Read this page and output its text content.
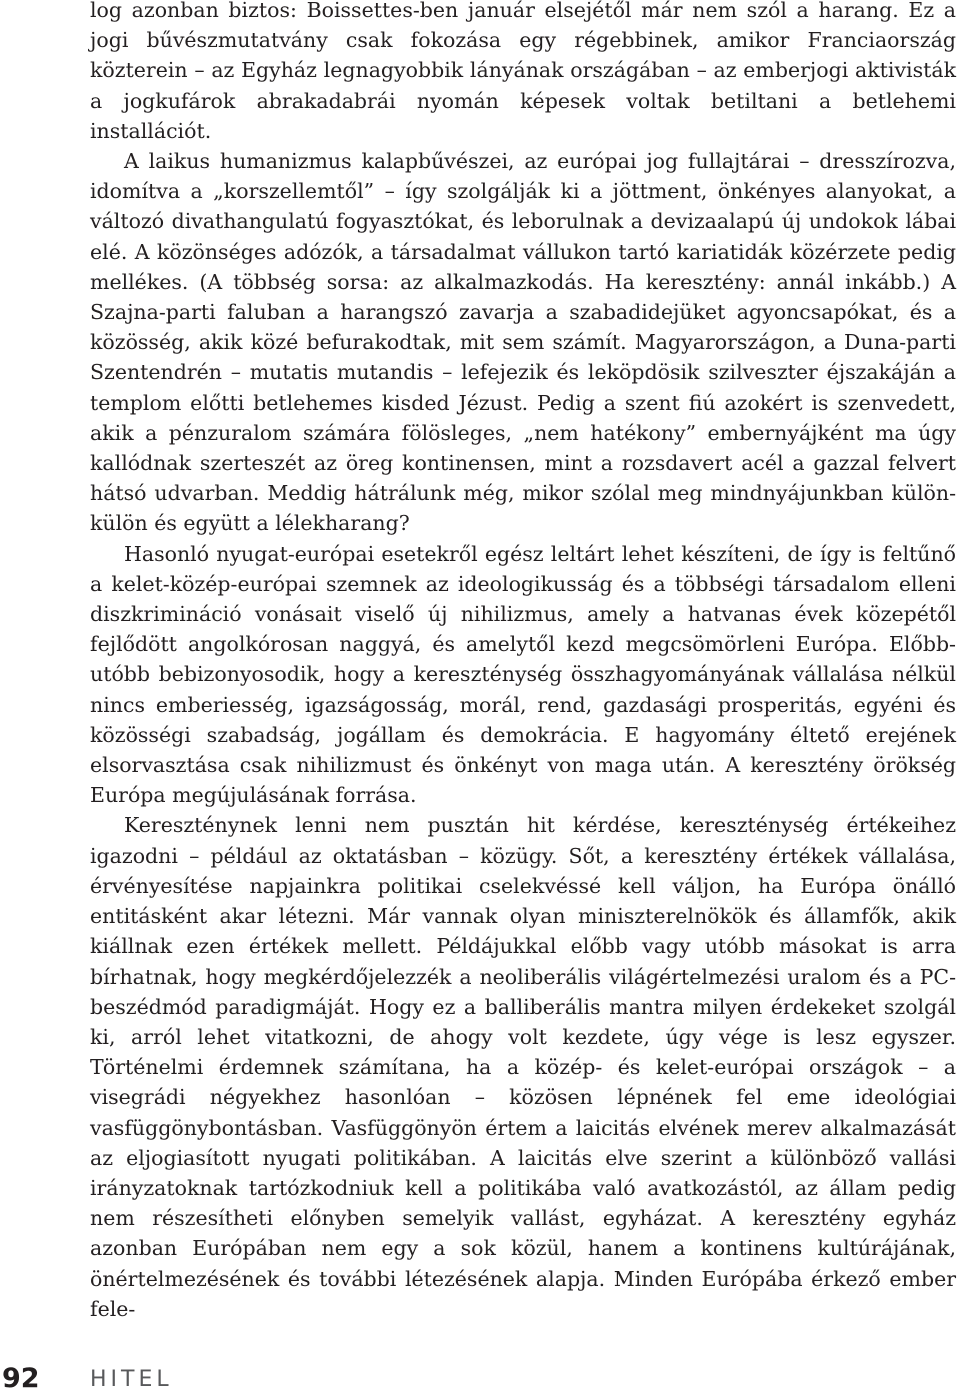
log azonban biztos: Boissettes-ben január elsejétől már nem szól a harang. Ez a jogi bűvészmutatvány csak fokozása egy régebbinek, amikor Franciaország közterein – az Egyház legnagyobbik lányának országában – az emberjogi aktivisták a jogkufárok abrakadabrái nyomán képesek voltak betiltani a betlehemi installációt.

A laikus humanizmus kalapbűvészei, az európai jog fullajtárai – dresszírozva, idomítva a „korszellemtől” – így szolgálják ki a jöttment, önkényes alanyokat, a változó divathangulatú fogyasztókat, és leborulnak a devizaalapú új undokok lábai elé. A közönséges adózók, a társadalmat vállukon tartó kariatidák közérzete pedig mellékes. (A többség sorsa: az alkalmazkodás. Ha keresztény: annál inkább.) A Szajna-parti faluban a harangszó zavarja a szabadidejüket agyoncsapókat, és a közösség, akik közé befurakodtak, mit sem számít. Magyarországon, a Duna-parti Szentendrén – mutatis mutandis – lefejezik és leköpdösik szilveszter éjszakáján a templom előtti betlehemes kisded Jézust. Pedig a szent fiú azokért is szenvedett, akik a pénzuralom számára fölösleges, „nem hatékony” embernyájként ma úgy kallódnak szerteszét az öreg kontinensen, mint a rozsdavert acél a gazzal felvert hátsó udvarban. Meddig hátrálunk még, mikor szólal meg mindnyájunkban külön-külön és együtt a lélekharang?

Hasonló nyugat-európai esetekről egész leltárt lehet készíteni, de így is feltűnő a kelet-közép-európai szemnek az ideologikusság és a többségi társadalom elleni diszkrimináció vonásait viselő új nihilizmus, amely a hatvanas évek közepétől fejlődött angolkórosan naggyá, és amelytől kezd megcsömörleni Európa. Előbb-utóbb bebizonyosodik, hogy a kereszténység összhagyományának vállalása nélkül nincs emberiesség, igazságosság, morál, rend, gazdasági prosperitás, egyéni és közösségi szabadság, jogállam és demokrácia. E hagyomány éltető erejének elsorvasztása csak nihilizmust és önkényt von maga után. A keresztény örökség Európa megújulásának forrása.

Kereszténynek lenni nem pusztán hit kérdése, kereszténység értékeihez igazodni – például az oktatásban – közügy. Sőt, a keresztény értékek vállalása, érvényesítése napjainkra politikai cselekvéssé kell váljon, ha Európa önálló entitásként akar létezni. Már vannak olyan miniszterelnökök és államfők, akik kiállnak ezen értékek mellett. Példájukkal előbb vagy utóbb másokat is arra bírhatnak, hogy megkérdőjelezzék a neoliberális világértelmezési uralom és a PC-beszédmód paradigmáját. Hogy ez a balliberális mantra milyen érdekeket szolgál ki, arról lehet vitatkozni, de ahogy volt kezdete, úgy vége is lesz egyszer. Történelmi érdemnek számítana, ha a közép- és kelet-európai országok – a visegrádi négyekhez hasonlóan – közösen lépnének fel eme ideológiai vasfüggönybontásban. Vasfüggönyön értem a laicitás elvének merev alkalmazását az eljogiasított nyugati politikában. A laicitás elve szerint a különböző vallási irányzatoknak tartózkodniuk kell a politikába való avatkozástól, az állam pedig nem részesítheti előnyben semelyik vallást, egyházat. A keresztény egyház azonban Európában nem egy a sok közül, hanem a kontinens kultúrájának, önértelmezésének és további létezésének alapja. Minden Európába érkező ember fele-

92 HITEL
